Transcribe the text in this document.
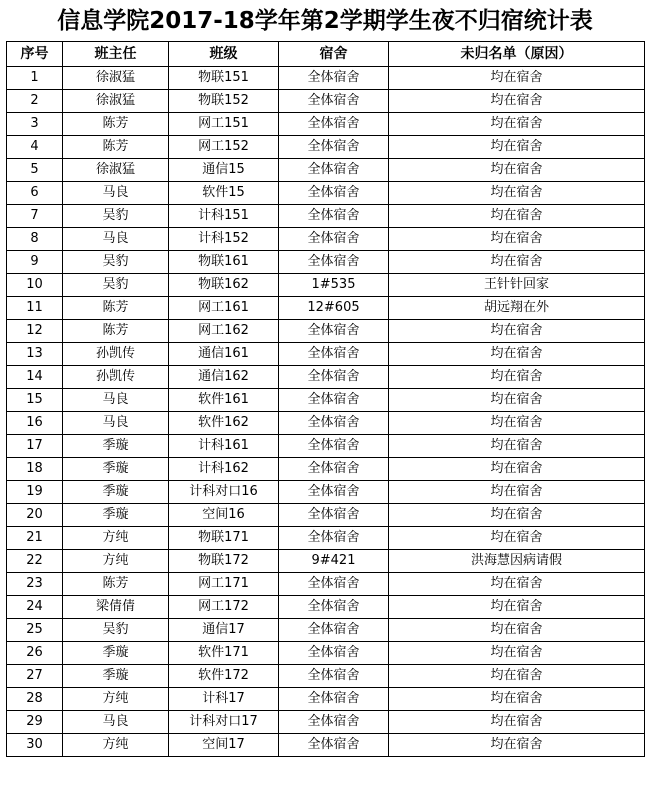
信息学院2017-18学年第2学期学生夜不归宿统计表
序号	班主任	班级	宿舍	未归名单（原因）
1	徐淑猛	物联151	全体宿舍	均在宿舍
2	徐淑猛	物联152	全体宿舍	均在宿舍
3	陈芳	网工151	全体宿舍	均在宿舍
4	陈芳	网工152	全体宿舍	均在宿舍
5	徐淑猛	通信15	全体宿舍	均在宿舍
6	马良	软件15	全体宿舍	均在宿舍
7	吴豹	计科151	全体宿舍	均在宿舍
8	马良	计科152	全体宿舍	均在宿舍
9	吴豹	物联161	全体宿舍	均在宿舍
10	吴豹	物联162	1#535	王针针回家
11	陈芳	网工161	12#605	胡远翔在外
12	陈芳	网工162	全体宿舍	均在宿舍
13	孙凯传	通信161	全体宿舍	均在宿舍
14	孙凯传	通信162	全体宿舍	均在宿舍
15	马良	软件161	全体宿舍	均在宿舍
16	马良	软件162	全体宿舍	均在宿舍
17	季璇	计科161	全体宿舍	均在宿舍
18	季璇	计科162	全体宿舍	均在宿舍
19	季璇	计科对口16	全体宿舍	均在宿舍
20	季璇	空间16	全体宿舍	均在宿舍
21	方纯	物联171	全体宿舍	均在宿舍
22	方纯	物联172	9#421	洪海慧因病请假
23	陈芳	网工171	全体宿舍	均在宿舍
24	梁倩倩	网工172	全体宿舍	均在宿舍
25	吴豹	通信17	全体宿舍	均在宿舍
26	季璇	软件171	全体宿舍	均在宿舍
27	季璇	软件172	全体宿舍	均在宿舍
28	方纯	计科17	全体宿舍	均在宿舍
29	马良	计科对口17	全体宿舍	均在宿舍
30	方纯	空间17	全体宿舍	均在宿舍
